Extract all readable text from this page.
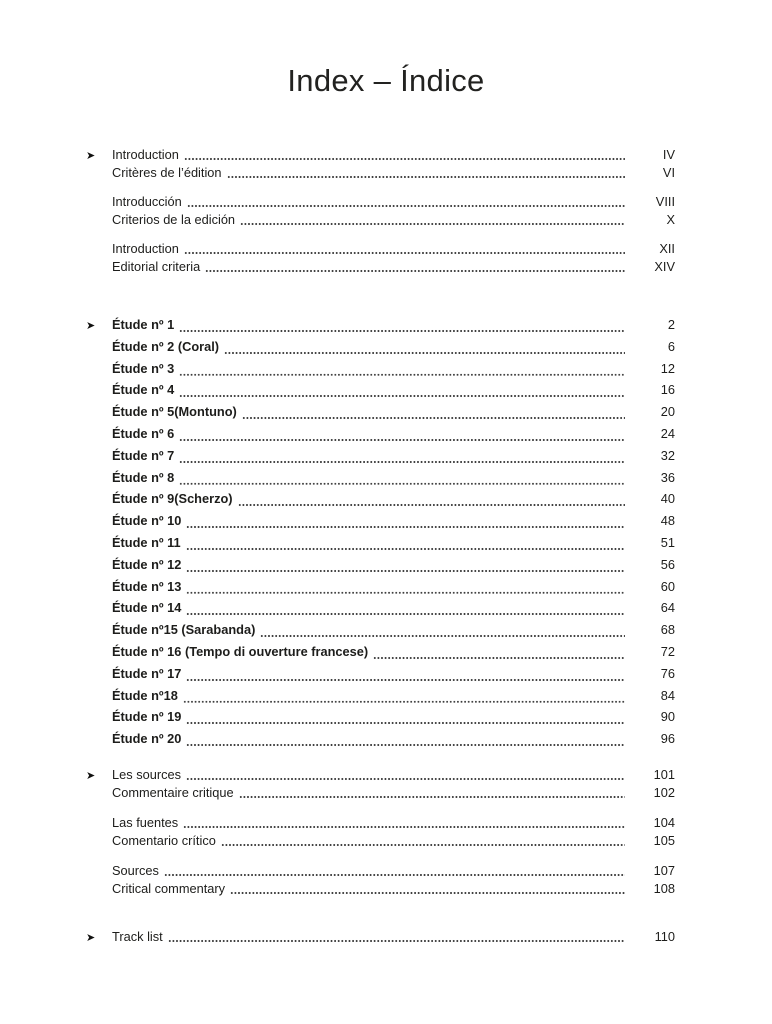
Index – Índice
➤	Introduction	IV
Critères de l’édition	VI
Introducción	VIII
Criterios de la edición	X
Introduction	XII
Editorial criteria	XIV
➤	Étude nº 1	2
Étude nº 2 (Coral)	6
Étude nº 3	12
Étude nº 4	16
Étude nº 5(Montuno)	20
Étude nº 6	24
Étude nº 7	32
Étude nº 8	36
Étude nº 9(Scherzo)	40
Étude nº 10	48
Étude nº 11	51
Étude nº 12	56
Étude nº 13	60
Étude nº 14	64
Étude nº15 (Sarabanda)	68
Étude nº 16 (Tempo di ouverture francese)	72
Étude nº 17	76
Étude nº18	84
Étude nº 19	90
Étude nº 20	96
➤	Les sources	101
Commentaire critique	102
Las fuentes	104
Comentario crítico	105
Sources	107
Critical commentary	108
➤	Track list	110
